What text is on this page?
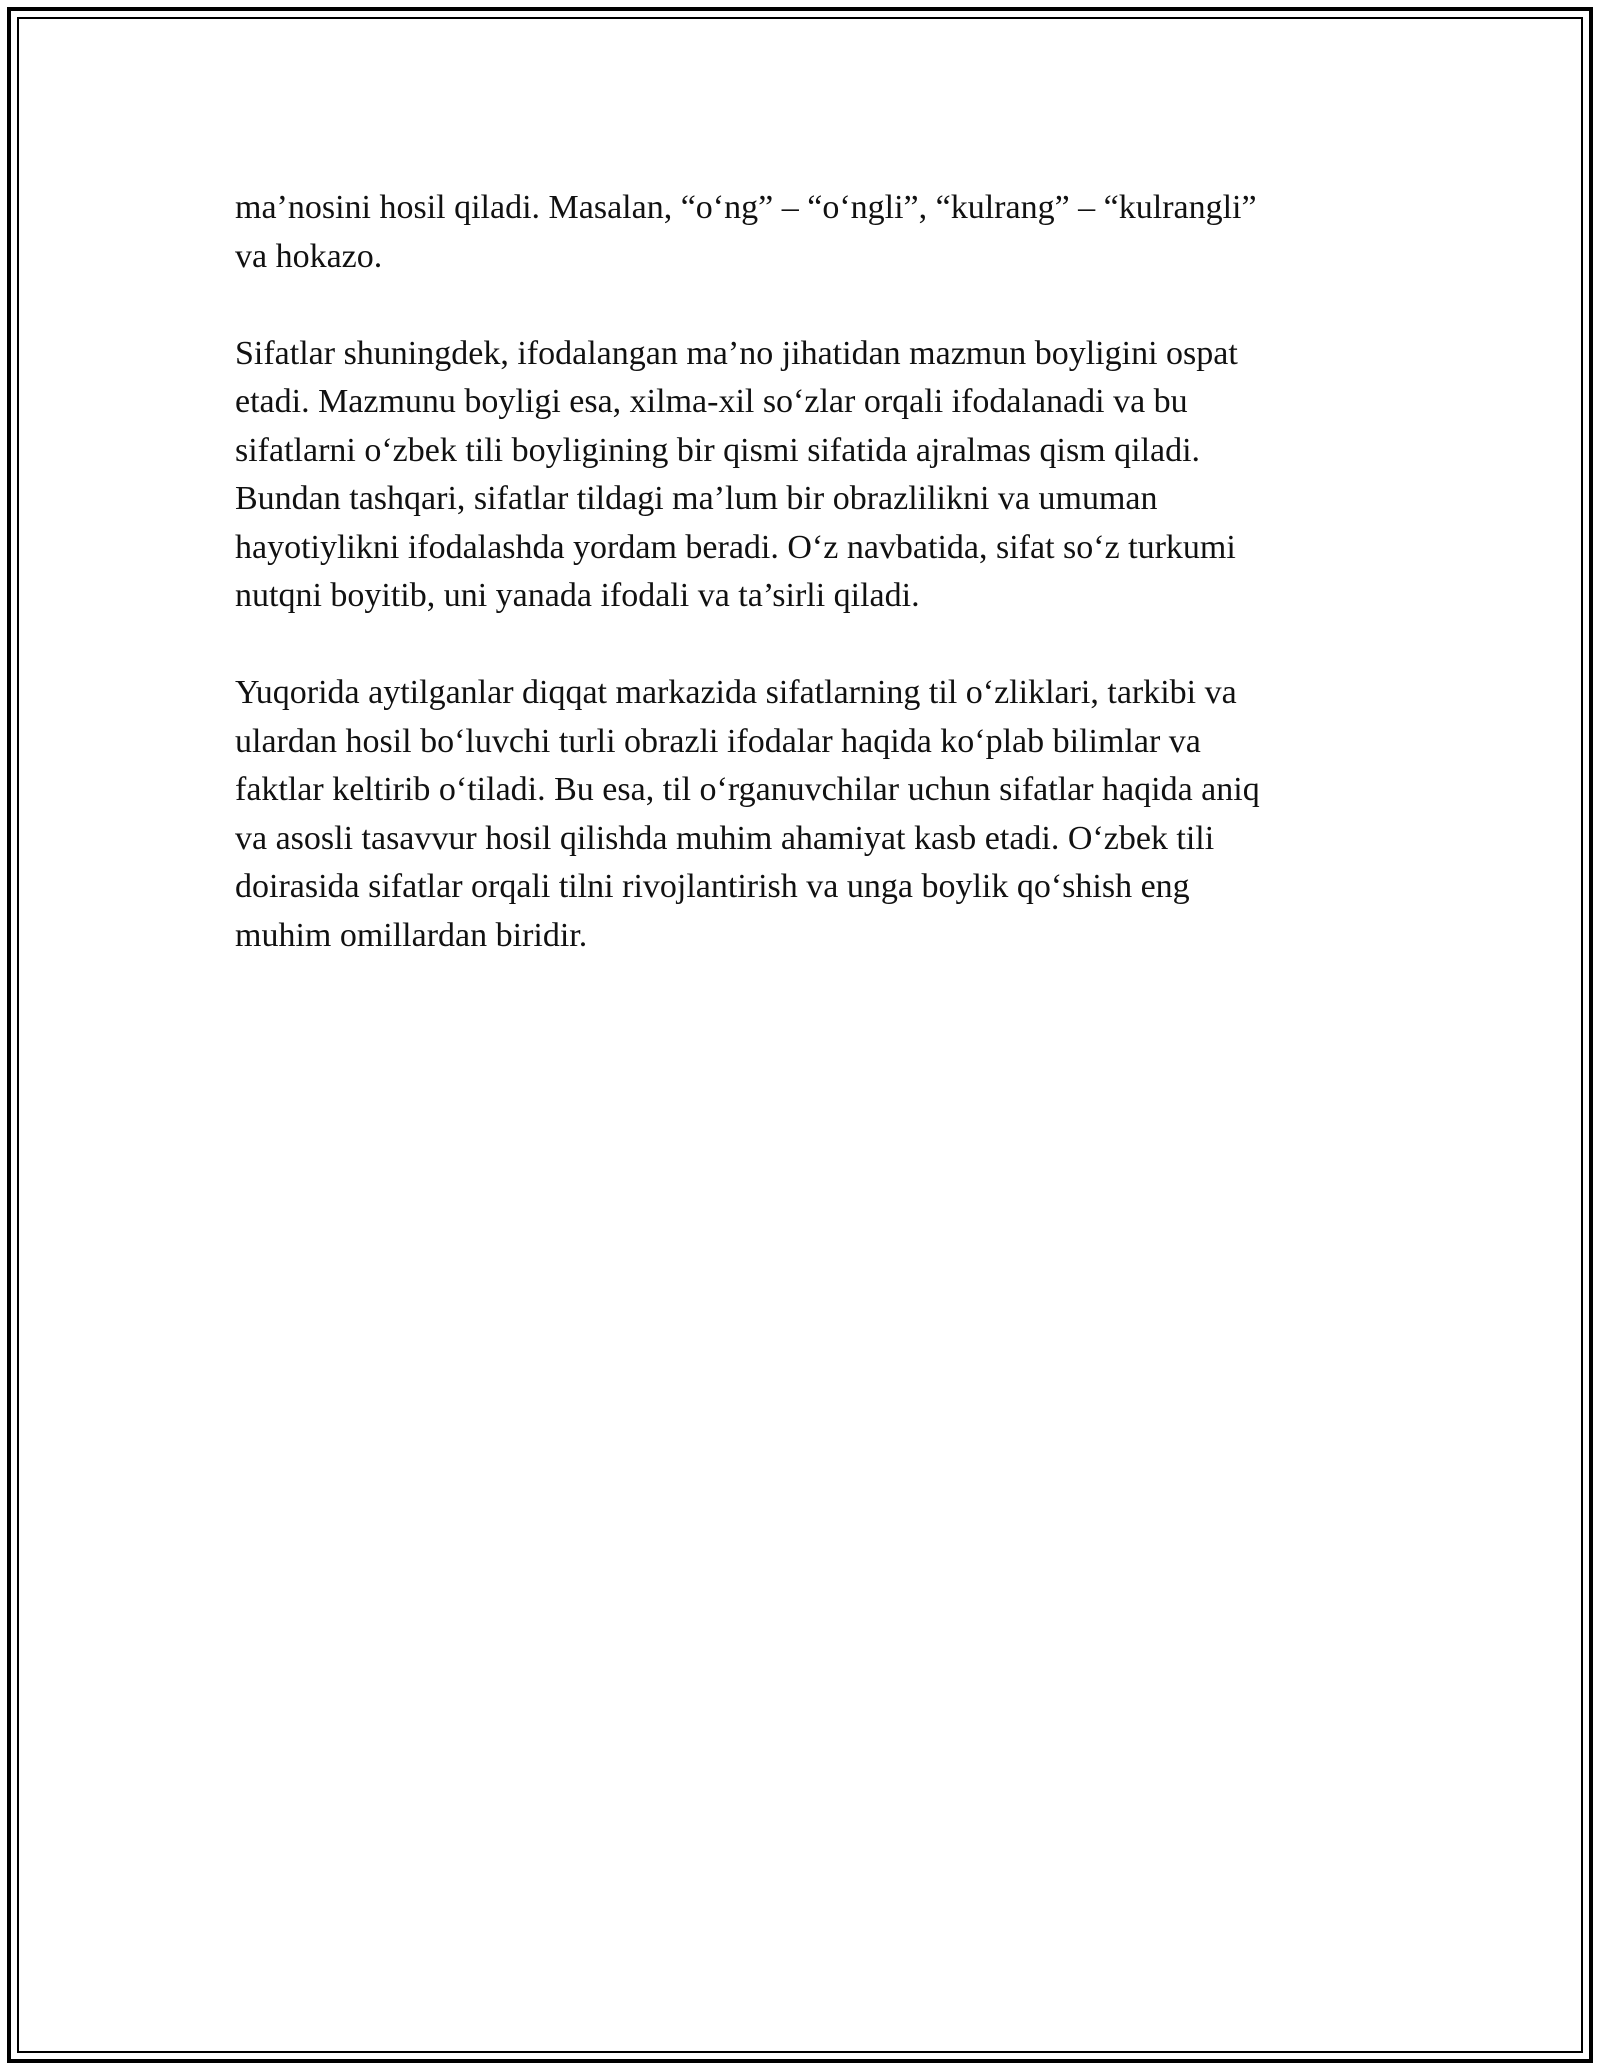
ma’nosini hosil qiladi. Masalan, “o‘ng” – “o‘ngli”, “kulrang” – “kulrangli”
va hokazo.

Sifatlar shuningdek, ifodalangan ma’no jihatidan mazmun boyligini ospat
etadi. Mazmunu boyligi esa, xilma-xil so‘zlar orqali ifodalanadi va bu
sifatlarni o‘zbek tili boyligining bir qismi sifatida ajralmas qism qiladi.
Bundan tashqari, sifatlar tildagi ma’lum bir obrazlilikni va umuman
hayotiylikni ifodalashda yordam beradi. O‘z navbatida, sifat so‘z turkumi
nutqni boyitib, uni yanada ifodali va ta’sirli qiladi.

Yuqorida aytilganlar diqqat markazida sifatlarning til o‘zliklari, tarkibi va
ulardan hosil bo‘luvchi turli obrazli ifodalar haqida ko‘plab bilimlar va
faktlar keltirib o‘tiladi. Bu esa, til o‘rganuvchilar uchun sifatlar haqida aniq
va asosli tasavvur hosil qilishda muhim ahamiyat kasb etadi. O‘zbek tili
doirasida sifatlar orqali tilni rivojlantirish va unga boylik qo‘shish eng
muhim omillardan biridir.
